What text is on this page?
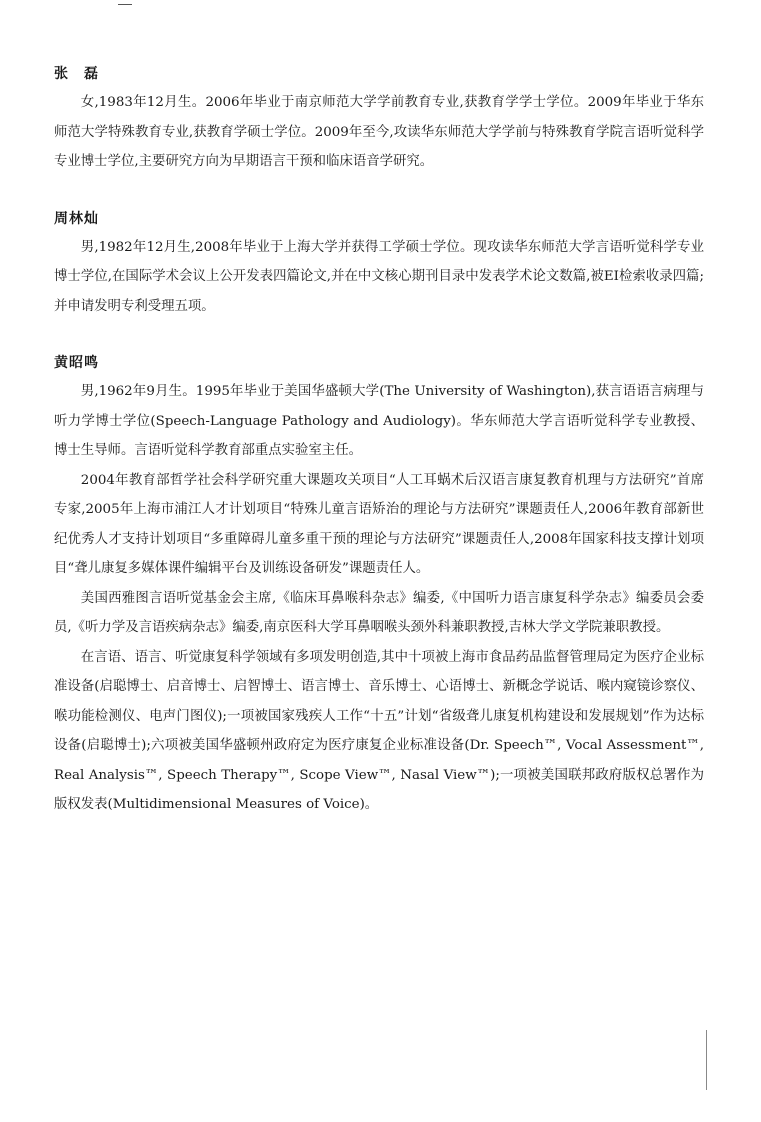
张　磊

女,1983年12月生。2006年毕业于南京师范大学学前教育专业,获教育学学士学位。2009年毕业于华东师范大学特殊教育专业,获教育学硕士学位。2009年至今,攻读华东师范大学学前与特殊教育学院言语听觉科学专业博士学位,主要研究方向为早期语言干预和临床语音学研究。

周林灿

男,1982年12月生,2008年毕业于上海大学并获得工学硕士学位。现攻读华东师范大学言语听觉科学专业博士学位,在国际学术会议上公开发表四篇论文,并在中文核心期刊目录中发表学术论文数篇,被EI检索收录四篇;并申请发明专利受理五项。

黄昭鸣

男,1962年9月生。1995年毕业于美国华盛顿大学(The University of Washington),获言语语言病理与听力学博士学位(Speech-Language Pathology and Audiology)。华东师范大学言语听觉科学专业教授、博士生导师。言语听觉科学教育部重点实验室主任。

2004年教育部哲学社会科学研究重大课题攻关项目“人工耳蜗术后汉语言康复教育机理与方法研究”首席专家,2005年上海市浦江人才计划项目“特殊儿童言语矫治的理论与方法研究”课题责任人,2006年教育部新世纪优秀人才支持计划项目“多重障碍儿童多重干预的理论与方法研究”课题责任人,2008年国家科技支撑计划项目“聋儿康复多媒体课件编辑平台及训练设备研发”课题责任人。

美国西雅图言语听觉基金会主席,《临床耳鼻喉科杂志》编委,《中国听力语言康复科学杂志》编委员会委员,《听力学及言语疾病杂志》编委,南京医科大学耳鼻咽喉头颈外科兼职教授,吉林大学文学院兼职教授。

在言语、语言、听觉康复科学领域有多项发明创造,其中十项被上海市食品药品监督管理局定为医疗企业标准设备(启聪博士、启音博士、启智博士、语言博士、音乐博士、心语博士、新概念学说话、喉内窥镜诊察仪、喉功能检测仪、电声门图仪);一项被国家残疾人工作“十五”计划“省级聋儿康复机构建设和发展规划”作为达标设备(启聪博士);六项被美国华盛顿州政府定为医疗康复企业标准设备(Dr. Speech™, Vocal Assessment™, Real Analysis™, Speech Therapy™, Scope View™, Nasal View™);一项被美国联邦政府版权总署作为版权发表(Multidimensional Measures of Voice)。
